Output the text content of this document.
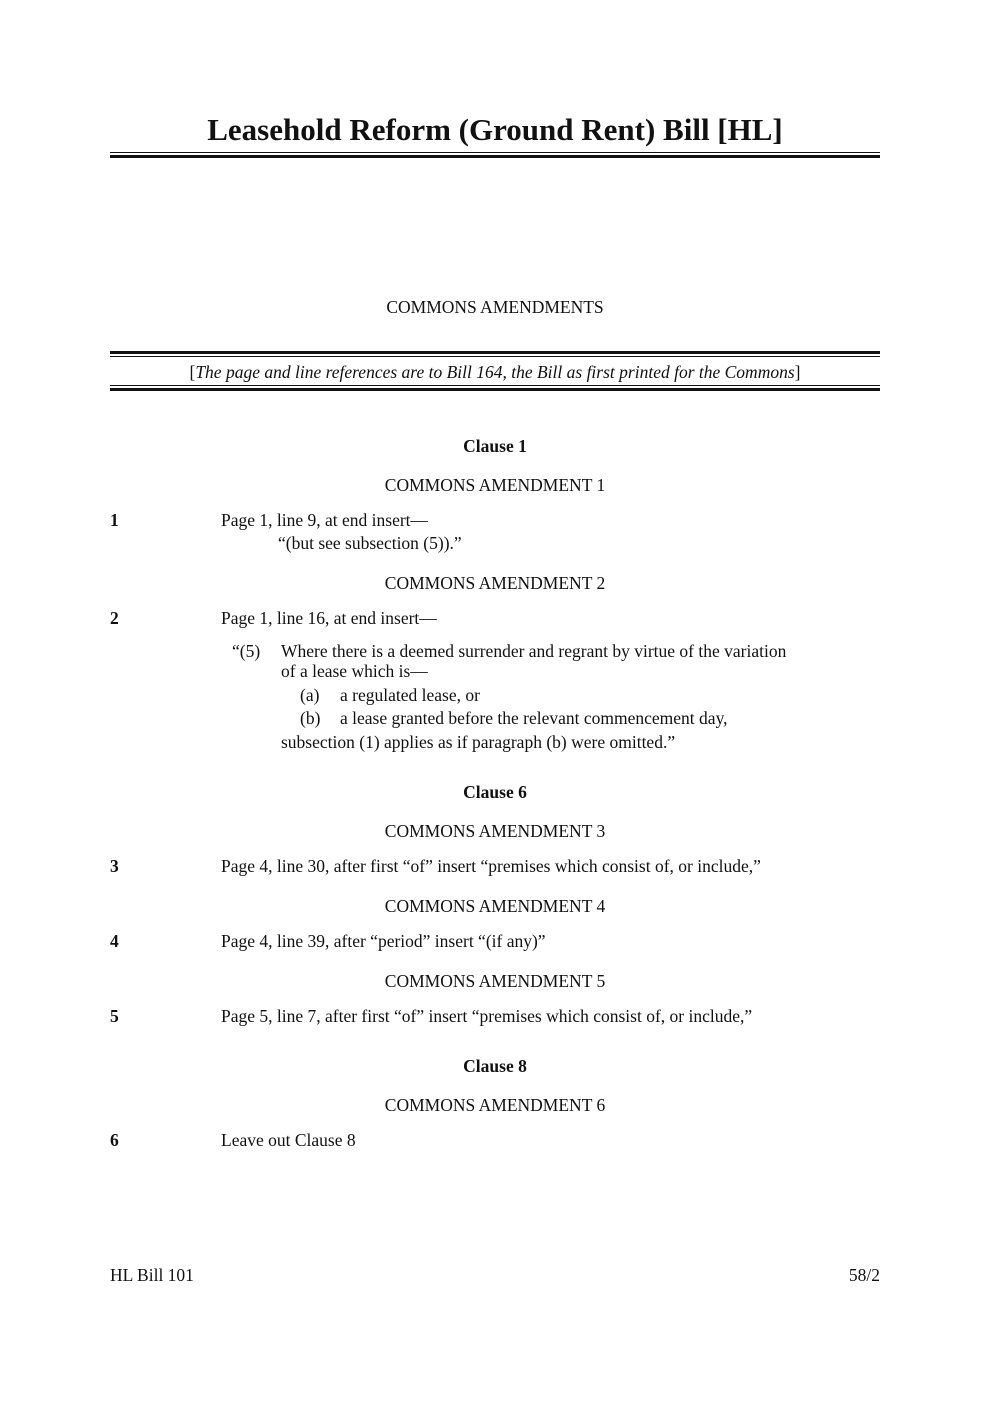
Leasehold Reform (Ground Rent) Bill [HL]
COMMONS AMENDMENTS
[The page and line references are to Bill 164, the Bill as first printed for the Commons]
Clause 1
COMMONS AMENDMENT 1
1	Page 1, line 9, at end insert—
“(but see subsection (5)).”
COMMONS AMENDMENT 2
2	Page 1, line 16, at end insert—
“(5) Where there is a deemed surrender and regrant by virtue of the variation
of a lease which is—
(a) a regulated lease, or
(b) a lease granted before the relevant commencement day,
subsection (1) applies as if paragraph (b) were omitted.”
Clause 6
COMMONS AMENDMENT 3
3	Page 4, line 30, after first “of” insert “premises which consist of, or include,”
COMMONS AMENDMENT 4
4	Page 4, line 39, after “period” insert “(if any)”
COMMONS AMENDMENT 5
5	Page 5, line 7, after first “of” insert “premises which consist of, or include,”
Clause 8
COMMONS AMENDMENT 6
6	Leave out Clause 8
HL Bill 101	58/2
